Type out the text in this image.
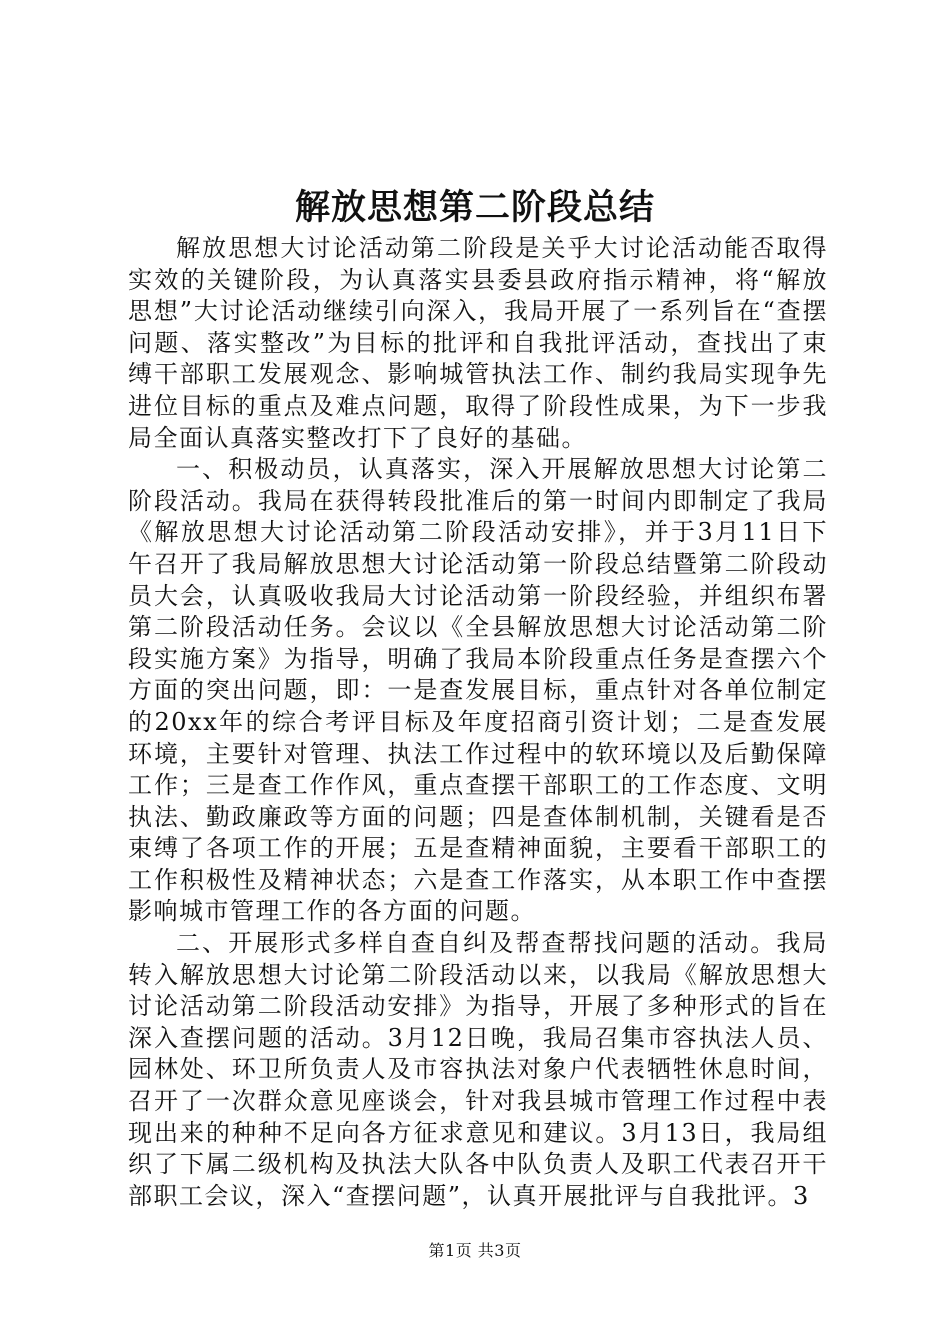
解放思想第二阶段总结

解放思想大讨论活动第二阶段是关乎大讨论活动能否取得实效的关键阶段，为认真落实县委县政府指示精神，将“解放思想”大讨论活动继续引向深入，我局开展了一系列旨在“查摆问题、落实整改”为目标的批评和自我批评活动，查找出了束缚干部职工发展观念、影响城管执法工作、制约我局实现争先进位目标的重点及难点问题，取得了阶段性成果，为下一步我局全面认真落实整改打下了良好的基础。

一、积极动员，认真落实，深入开展解放思想大讨论第二阶段活动。我局在获得转段批准后的第一时间内即制定了我局《解放思想大讨论活动第二阶段活动安排》，并于3月11日下午召开了我局解放思想大讨论活动第一阶段总结暨第二阶段动员大会，认真吸收我局大讨论活动第一阶段经验，并组织布署第二阶段活动任务。会议以《全县解放思想大讨论活动第二阶段实施方案》为指导，明确了我局本阶段重点任务是查摆六个方面的突出问题，即：一是查发展目标，重点针对各单位制定的20xx年的综合考评目标及年度招商引资计划；二是查发展环境，主要针对管理、执法工作过程中的软环境以及后勤保障工作；三是查工作作风，重点查摆干部职工的工作态度、文明执法、勤政廉政等方面的问题；四是查体制机制，关键看是否束缚了各项工作的开展；五是查精神面貌，主要看干部职工的工作积极性及精神状态；六是查工作落实，从本职工作中查摆影响城市管理工作的各方面的问题。

二、开展形式多样自查自纠及帮查帮找问题的活动。我局转入解放思想大讨论第二阶段活动以来，以我局《解放思想大讨论活动第二阶段活动安排》为指导，开展了多种形式的旨在深入查摆问题的活动。3月12日晚，我局召集市容执法人员、园林处、环卫所负责人及市容执法对象户代表牺牲休息时间，召开了一次群众意见座谈会，针对我县城市管理工作过程中表现出来的种种不足向各方征求意见和建议。3月13日，我局组织了下属二级机构及执法大队各中队负责人及职工代表召开干部职工会议，深入“查摆问题”，认真开展批评与自我批评。3

第1页 共3页
